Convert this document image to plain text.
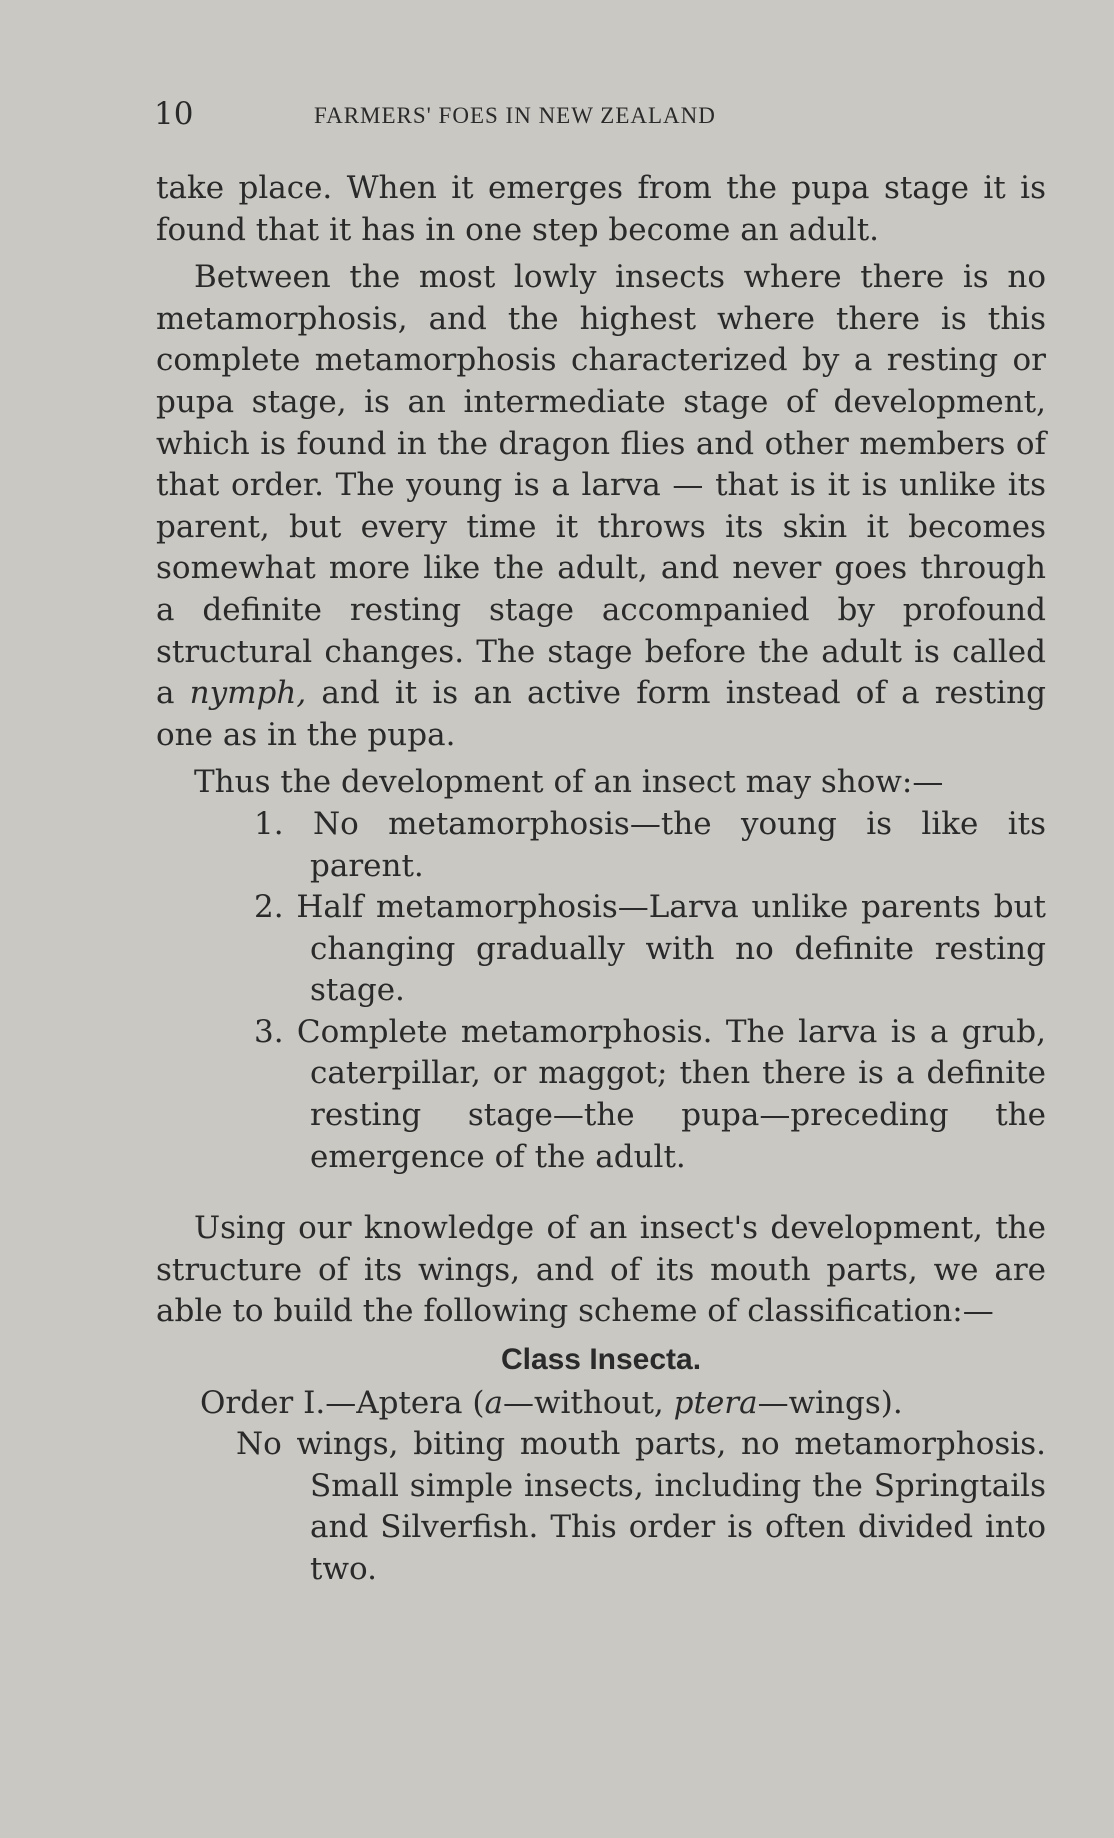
10	FARMERS' FOES IN NEW ZEALAND

take place. When it emerges from the pupa stage it is found that it has in one step become an adult.

Between the most lowly insects where there is no metamorphosis, and the highest where there is this complete metamorphosis characterized by a resting or pupa stage, is an intermediate stage of development, which is found in the dragon flies and other members of that order. The young is a larva — that is it is unlike its parent, but every time it throws its skin it becomes somewhat more like the adult, and never goes through a definite resting stage accompanied by profound structural changes. The stage before the adult is called a nymph, and it is an active form instead of a resting one as in the pupa.

Thus the development of an insect may show:—

1. No metamorphosis—the young is like its parent.
2. Half metamorphosis—Larva unlike parents but changing gradually with no definite resting stage.
3. Complete metamorphosis. The larva is a grub, caterpillar, or maggot; then there is a definite resting stage—the pupa—preceding the emergence of the adult.

Using our knowledge of an insect's development, the structure of its wings, and of its mouth parts, we are able to build the following scheme of classification:—

Class Insecta.

Order I.—Aptera (a—without, ptera—wings).

No wings, biting mouth parts, no metamorphosis. Small simple insects, including the Springtails and Silverfish. This order is often divided into two.
